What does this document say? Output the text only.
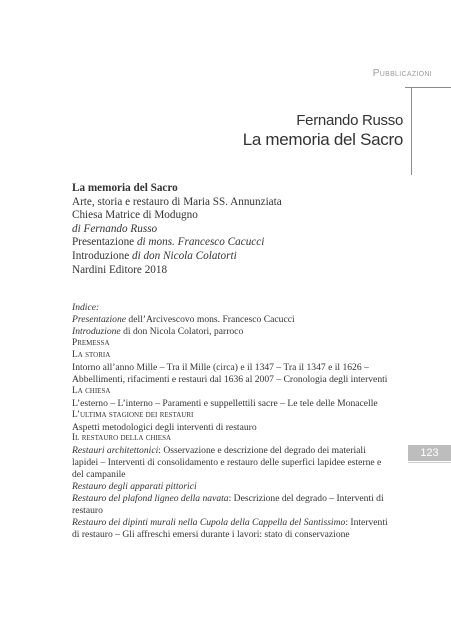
Pubblicazioni
Fernando Russo
La memoria del Sacro
La memoria del Sacro
Arte, storia e restauro di Maria SS. Annunziata
Chiesa Matrice di Modugno
di Fernando Russo
Presentazione di mons. Francesco Cacucci
Introduzione di don Nicola Colatorti
Nardini Editore 2018
Indice:
Presentazione dell’Arcivescovo mons. Francesco Cacucci
Introduzione di don Nicola Colatori, parroco
Premessa
La storia
Intorno all’anno Mille – Tra il Mille (circa) e il 1347 – Tra il 1347 e il 1626 – Abbellimenti, rifacimenti e restauri dal 1636 al 2007 – Cronologia degli interventi
La chiesa
L’esterno – L’interno – Paramenti e suppellettili sacre – Le tele delle Monacelle
L’ultima stagione dei restauri
Aspetti metodologici degli interventi di restauro
Il restauro della chiesa
Restauri architettonici: Osservazione e descrizione del degrado dei materiali lapidei – Interventi di consolidamento e restauro delle superfici lapidee esterne e del campanile
Restauro degli apparati pittorici
Restauro del plafond ligneo della navata: Descrizione del degrado – Interventi di restauro
Restauro dei dipinti murali nella Cupola della Cappella del Santissimo: Interventi di restauro – Gli affreschi emersi durante i lavori: stato di conservazione
123
